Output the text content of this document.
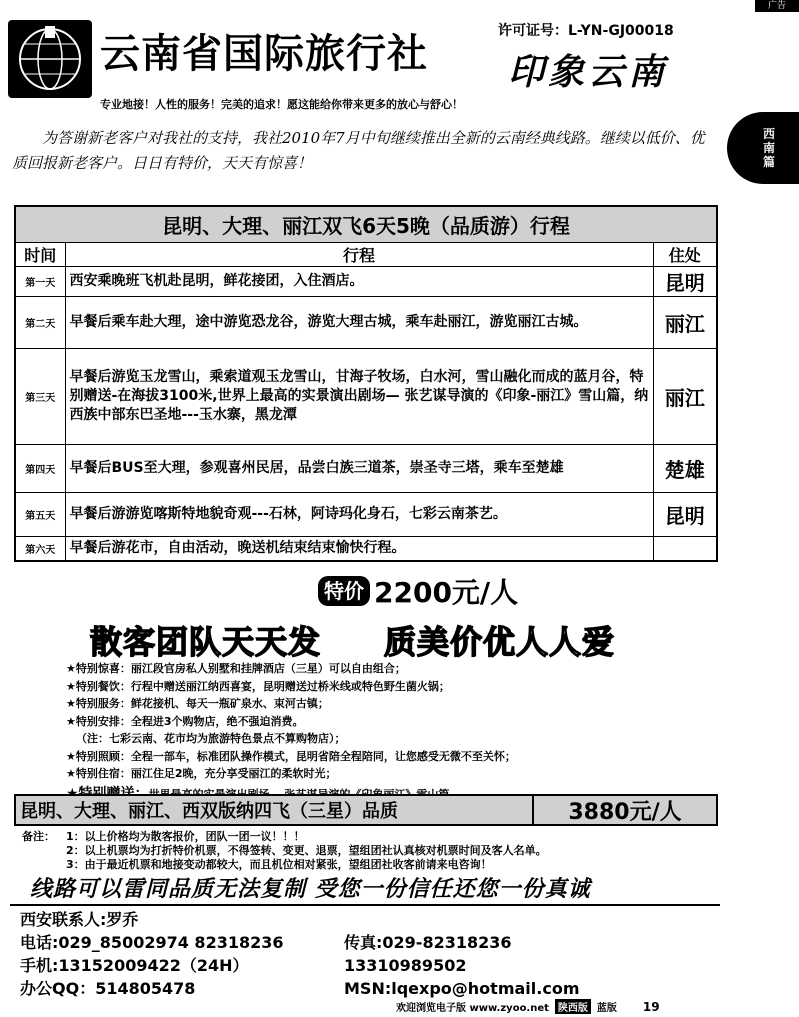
广告
云南省国际旅行社	许可证号：L-YN-GJ00018
印象云南
专业地接！人性的服务！完美的追求！愿这能给你带来更多的放心与舒心！
西
南
篇
为答谢新老客户对我社的支持，我社2010年7月中旬继续推出全新的云南经典线路。继续以低价、优质回报新老客户。日日有特价，天天有惊喜！
昆明、大理、丽江双飞6天5晚（品质游）行程		
时间	行程	住处
第一天	西安乘晚班飞机赴昆明，鲜花接团，入住酒店。	昆明
第二天	早餐后乘车赴大理，途中游览恐龙谷，游览大理古城，乘车赴丽江，游览丽江古城。	丽江
第三天	早餐后游览玉龙雪山，乘索道观玉龙雪山，甘海子牧场，白水河，雪山融化而成的蓝月谷，特别赠送-在海拔3100米,世界上最高的实景演出剧场— 张艺谋导演的《印象-丽江》雪山篇，纳西族中部东巴圣地---玉水寨，黑龙潭	丽江
第四天	早餐后BUS至大理，参观喜州民居，品尝白族三道茶，崇圣寺三塔，乘车至楚雄	楚雄
第五天	早餐后游游览喀斯特地貌奇观---石林，阿诗玛化身石，七彩云南茶艺。	昆明
第六天	早餐后游花市，自由活动，晚送机结束结束愉快行程。	
特价 2200元/人
散客团队天天发 质美价优人人爱
★特别惊喜：丽江段官房私人别墅和挂牌酒店（三星）可以自由组合；
★特别餐饮：行程中赠送丽江纳西喜宴，昆明赠送过桥米线或特色野生菌火锅；
★特别服务：鲜花接机、每天一瓶矿泉水、束河古镇；
★特别安排：全程进3个购物店，绝不强迫消费。
（注：七彩云南、花市均为旅游特色景点不算购物店）；
★特别照顾：全程一部车，标准团队操作模式，昆明省陪全程陪同，让您感受无微不至关怀；
★特别住宿：丽江住足2晚，充分享受丽江的柔软时光；
昆明、大理、丽江、西双版纳四飞（三星）品质	3880元/人
备注：	1：以上价格均为散客报价，团队一团一议！！！
2：以上机票均为打折特价机票，不得签转、变更、退票，望组团社认真核对机票时间及客人名单。
3：由于最近机票和地接变动都较大，而且机位相对紧张，望组团社收客前请来电咨询！
线路可以雷同品质无法复制 受您一份信任还您一份真诚
西安联系人:罗乔
电话:029_85002974 82318236	传真:029-82318236
手机:13152009422（24H）	13310989502
办公QQ：514805478	MSN:lqexpo@hotmail.com
欢迎浏览电子版 www.zyoo.net 陕西版 蓝版 19
